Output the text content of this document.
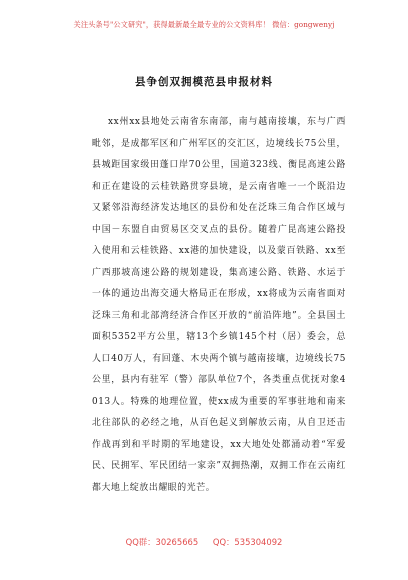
关注头条号"公文研究"，获得最新最全最专业的公文资料库！ 微信：gongwenyj
县争创双拥模范县申报材料

xx州xx县地处云南省东南部，南与越南接壤，东与广西毗邻，是成都军区和广州军区的交汇区，边境线长75公里，县城距国家级田蓬口岸70公里，国道323线、衡昆高速公路和正在建设的云桂铁路贯穿县境，是云南省唯一一个既沿边又紧邻沿海经济发达地区的县份和处在泛珠三角合作区域与中国－东盟自由贸易区交叉点的县份。随着广昆高速公路投入使用和云桂铁路、xx港的加快建设，以及蒙百铁路、xx至广西那坡高速公路的规划建设，集高速公路、铁路、水运于一体的通边出海交通大格局正在形成，xx将成为云南省面对泛珠三角和北部湾经济合作区开放的“前沿阵地”。全县国土面积5352平方公里，辖13个乡镇145个村（居）委会，总人口40万人，有回蓬、木央两个镇与越南接壤，边境线长75公里，县内有驻军（警）部队单位7个，各类重点优抚对象4013人。特殊的地理位置，使xx成为重要的军事驻地和南来北往部队的必经之地，从百色起义到解放云南，从自卫还击作战再到和平时期的军地建设，xx大地处处都涌动着“军爱民、民拥军、军民团结一家亲”双拥热潮，双拥工作在云南红都大地上绽放出耀眼的光芒。

QQ群：30265665 QQ：535304092
